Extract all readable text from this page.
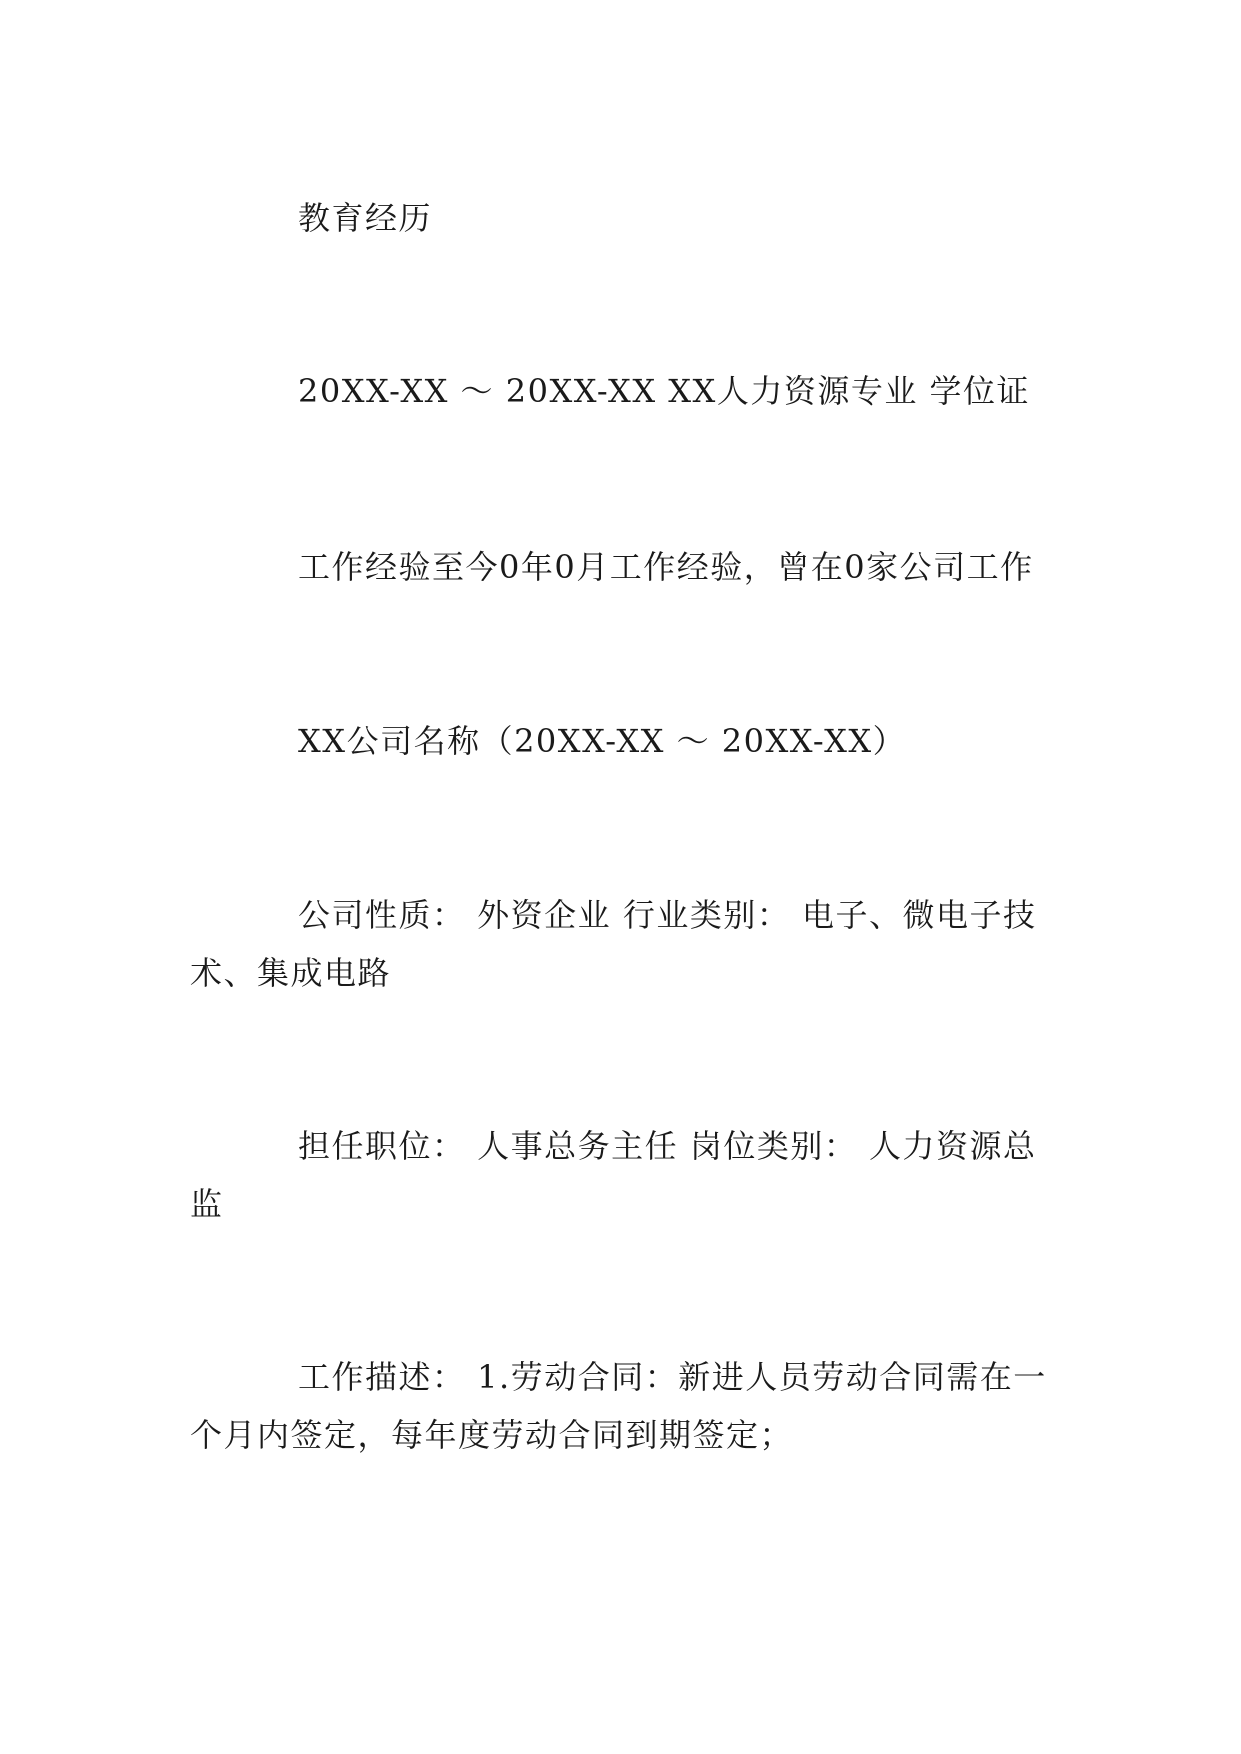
教育经历

20XX-XX ～ 20XX-XX XX人力资源专业 学位证

工作经验至今0年0月工作经验，曾在0家公司工作

XX公司名称（20XX-XX ～ 20XX-XX）

公司性质： 外资企业 行业类别： 电子、微电子技术、集成电路

担任职位： 人事总务主任 岗位类别： 人力资源总监

工作描述： 1.劳动合同：新进人员劳动合同需在一个月内签定，每年度劳动合同到期签定；
